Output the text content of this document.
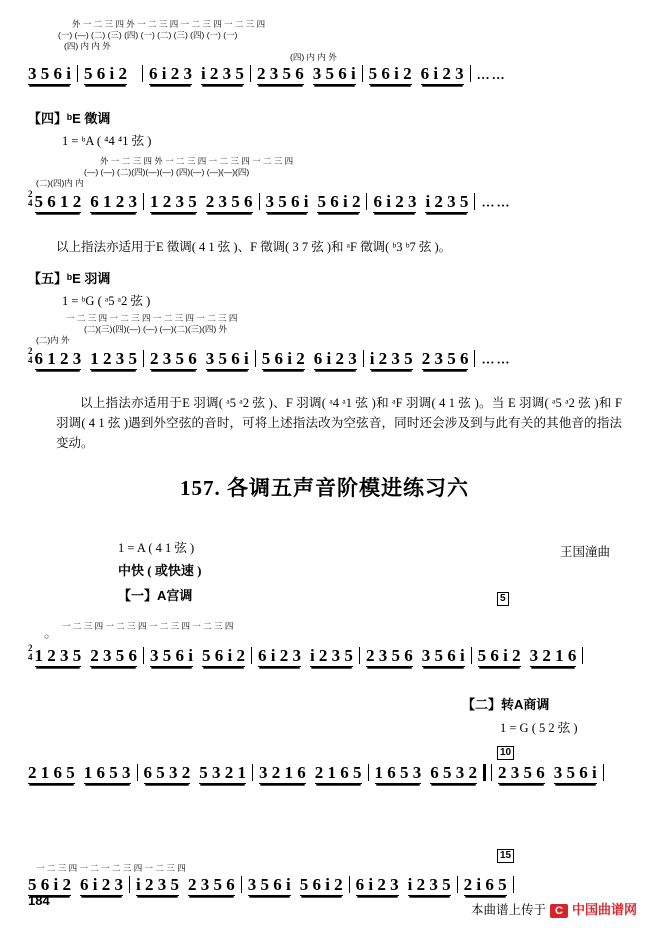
外 一 二 三 四 外 一 二 三 四 一 二 三 四 一 二 三 四
(一) (—) (二) (三) (四) (一) (二) (三) (四) (一) (一)
(四) 内 内 外
(四) 内 内 外
3 5 6 i 5 6 i 2 6 i 2 3 i 2 3 5 2 3 5 6 3 5 6 i 5 6 i 2 6 i 2 3 ……
【四】ᵇE 徵调
1 = ᵇA ( ⁴4 ⁴1 弦 )
外 一 二 三 四 外 一 二 三 四 一 二 三 四 一 二 三 四
(—) (—) (二)(四)(—)(—) (四)(—) (—)(—)(四)
(二)(四)内 内
2
4 5 6 1 2 6 1 2 3 1 2 3 5 2 3 5 6 3 5 6 i 5 6 i 2 6 i 2 3 i 2 3 5 ……
以上指法亦适用于E 徵调( 4 1 弦 )、F 徵调( 3 7 弦 )和 ᵃF 徵调( ᵇ3 ᵇ7 弦 )。
【五】ᵇE 羽调
1 = ᵇG ( ᵃ5 ᵃ2 弦 )
一 二 三 四 一 二 三 四 一 二 三 四 一 二 三 四
(二)(三)(四)(—) (—) (—)(二)(三)(四) 外
(二)内 外
2
4 6 1 2 3 1 2 3 5 2 3 5 6 3 5 6 i 5 6 i 2 6 i 2 3 i 2 3 5 2 3 5 6 ……
以上指法亦适用于E 羽调( ᵃ5 ᵃ2 弦 )、F 羽调( ᵃ4 ᵃ1 弦 )和 ᵃF 羽调( 4 1 弦 )。当 E 羽调( ᵃ5 ᵃ2 弦 )和 F 羽调( 4 1 弦 )遇到外空弦的音时，可将上述指法改为空弦音，同时还会涉及到与此有关的其他音的指法变动。
157. 各调五声音阶模进练习六
1 = A ( 4 1 弦 )
中快 ( 或快速 )
王国潼曲
【一】A宫调	5
一 二 三 四 一 二 三 四 一 二 三 四 一 二 三 四
○
2
4 1 2 3 5 2 3 5 6 3 5 6 i 5 6 i 2 6 i 2 3 i 2 3 5 2 3 5 6 3 5 6 i 5 6 i 2 3 2 1 6
【二】转A商调
1 = G ( 5 2 弦 )
10
2 1 6 5 1 6 5 3 6 5 3 2 5 3 2 1 3 2 1 6 2 1 6 5 1 6 5 3 6 5 3 2 2 3 5 6 3 5 6 i
15
一 二 三 四 一 二 一 二 三 四 一 二 三 四
5 6 i 2 6 i 2 3 i 2 3 5 2 3 5 6 3 5 6 i 5 6 i 2 6 i 2 3 i 2 3 5 2 i 6 5
184
本曲谱上传于 C 中国曲谱网
